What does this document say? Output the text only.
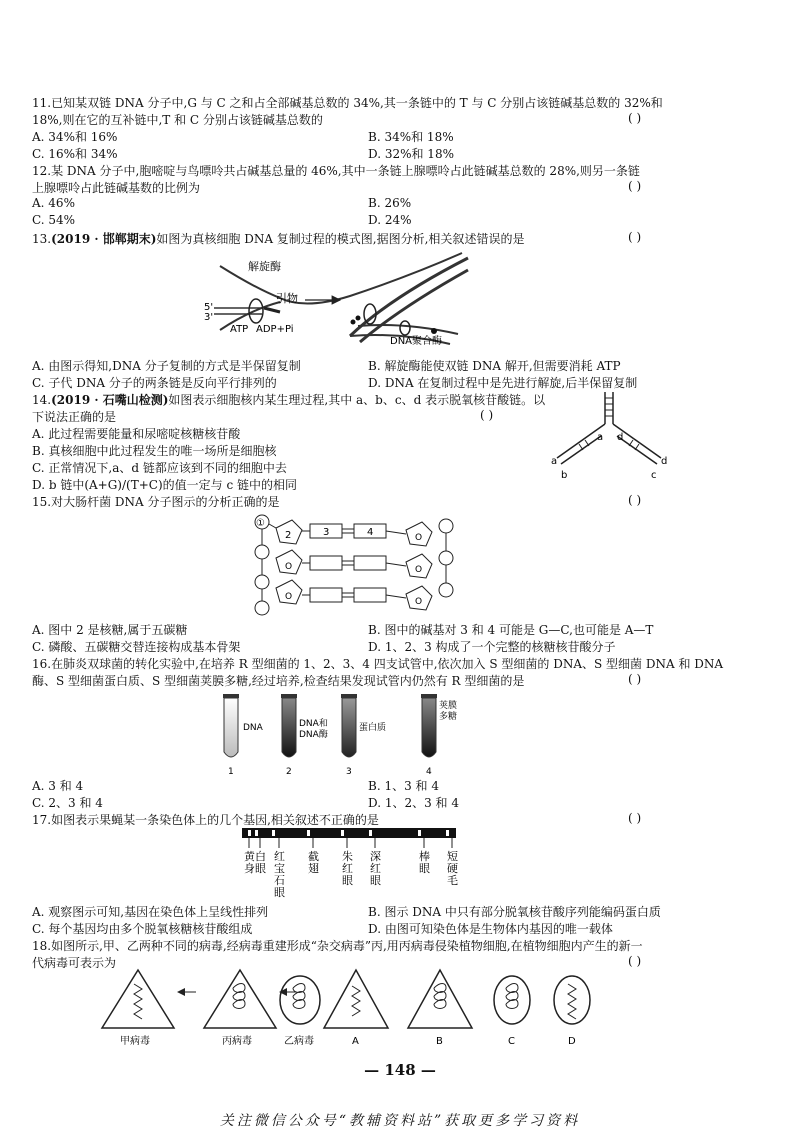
11.已知某双链 DNA 分子中,G 与 C 之和占全部碱基总数的 34%,其一条链中的 T 与 C 分别占该链碱基总数的 32%和
18%,则在它的互补链中,T 和 C 分别占该链碱基总数的	( )
A. 34%和 16%	B. 34%和 18%
C. 16%和 34%	D. 32%和 18%
12.某 DNA 分子中,胞嘧啶与鸟嘌呤共占碱基总量的 46%,其中一条链上腺嘌呤占此链碱基总数的 28%,则另一条链
上腺嘌呤占此链碱基数的比例为	( )
A. 46%	B. 26%
C. 54%	D. 24%
13.(2019 · 邯郸期末)如图为真核细胞 DNA 复制过程的模式图,据图分析,相关叙述错误的是	( )
解旋酶
引物
5'
3'
ATP ADP+Pi
DNA聚合酶
A. 由图示得知,DNA 分子复制的方式是半保留复制	B. 解旋酶能使双链 DNA 解开,但需要消耗 ATP
C. 子代 DNA 分子的两条链是反向平行排列的	D. DNA 在复制过程中是先进行解旋,后半保留复制
14.(2019 · 石嘴山检测)如图表示细胞核内某生理过程,其中 a、b、c、d 表示脱氧核苷酸链。以
下说法正确的是	( )
A. 此过程需要能量和尿嘧啶核糖核苷酸
B. 真核细胞中此过程发生的唯一场所是细胞核
C. 正常情况下,a、d 链都应该到不同的细胞中去
D. b 链中(A+G)/(T+C)的值一定与 c 链中的相同
a
a
b
d
d
c
15.对大肠杆菌 DNA 分子图示的分析正确的是	( )
①
2	3	4	O
O
O
O
O
A. 图中 2 是核糖,属于五碳糖	B. 图中的碱基对 3 和 4 可能是 G—C,也可能是 A—T
C. 磷酸、五碳糖交替连接构成基本骨架	D. 1、2、3 构成了一个完整的核糖核苷酸分子
16.在肺炎双球菌的转化实验中,在培养 R 型细菌的 1、2、3、4 四支试管中,依次加入 S 型细菌的 DNA、S 型细菌 DNA 和 DNA
酶、S 型细菌蛋白质、S 型细菌荚膜多糖,经过培养,检查结果发现试管内仍然有 R 型细菌的是	( )
DNA	DNA和
DNA酶
蛋白质
荚膜
多糖
1	2	3	4
A. 3 和 4	B. 1、3 和 4
C. 2、3 和 4	D. 1、2、3 和 4
17.如图表示果蝇某一条染色体上的几个基因,相关叙述不正确的是	( )
黄身
白眼
红宝石眼
截翅
朱红眼
深红眼
棒眼
短硬毛
A. 观察图示可知,基因在染色体上呈线性排列	B. 图示 DNA 中只有部分脱氧核苷酸序列能编码蛋白质
C. 每个基因均由多个脱氧核糖核苷酸组成	D. 由图可知染色体是生物体内基因的唯一载体
18.如图所示,甲、乙两种不同的病毒,经病毒重建形成“杂交病毒”丙,用丙病毒侵染植物细胞,在植物细胞内产生的新一
代病毒可表示为	( )
甲病毒	丙病毒	乙病毒	A	B	C	D
— 148 —
关注微信公众号“教辅资料站”获取更多学习资料
